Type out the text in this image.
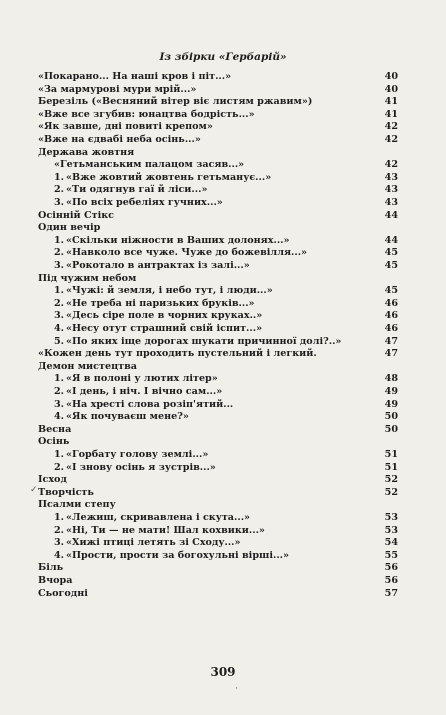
Із збірки «Гербарій»
«Покарано... На наші кров і піт...»	40
«За мармурові мури мрій...»	40
Березіль («Весняний вітер віє листям ржавим»)	41
«Вже все згубив: юнацтва бодрість...»	41
«Як завше, дні повиті крепом»	42
«Вже на єдвабі неба осінь...»	42
Держава жовтня
«Гетьманським палацом засяв...»	42
1. «Вже жовтий жовтень гетьманує...»	43
2. «Ти одягнув гаї й ліси...»	43
3. «По всіх ребеліях гучних...»	43
Осінній Стікс	44
Один вечір
1. «Скільки ніжности в Ваших долонях...»	44
2. «Навколо все чуже. Чуже до божевілля...»	45
3. «Рокотало в антрактах із залі...»	45
Під чужим небом
1. «Чужі: й земля, і небо тут, і люди...»	45
2. «Не треба ні паризьких бруків...»	46
3. «Десь сіре поле в чорних круках..»	46
4. «Несу отут страшний свій іспит...»	46
5. «По яких іще дорогах шукати причинної долі?..»	47
«Кожен день тут проходить пустельний і легкий.	47
Демон мистецтва
1. «Я в полоні у лютих літер»	48
2. «І день, і ніч. І вічно сам...»	49
3. «На хресті слова розіп'ятий...	49
4. «Як почуваєш мене?»	50
Весна	50
Осінь
1. «Горбату голову землі...»	51
2. «І знову осінь я зустрів...»	51
Ісход	52
Творчість	52
Псалми степу
1. «Лежиш, скривавлена і скута...»	53
2. «Ні, Ти — не мати! Шал кохвики...»	53
3. «Хижі птиці летять зі Сходу...»	54
4. «Прости, прости за богохульні вірші...»	55
Біль	56
Вчора	56
Сьогодні	57
✓
309
·
